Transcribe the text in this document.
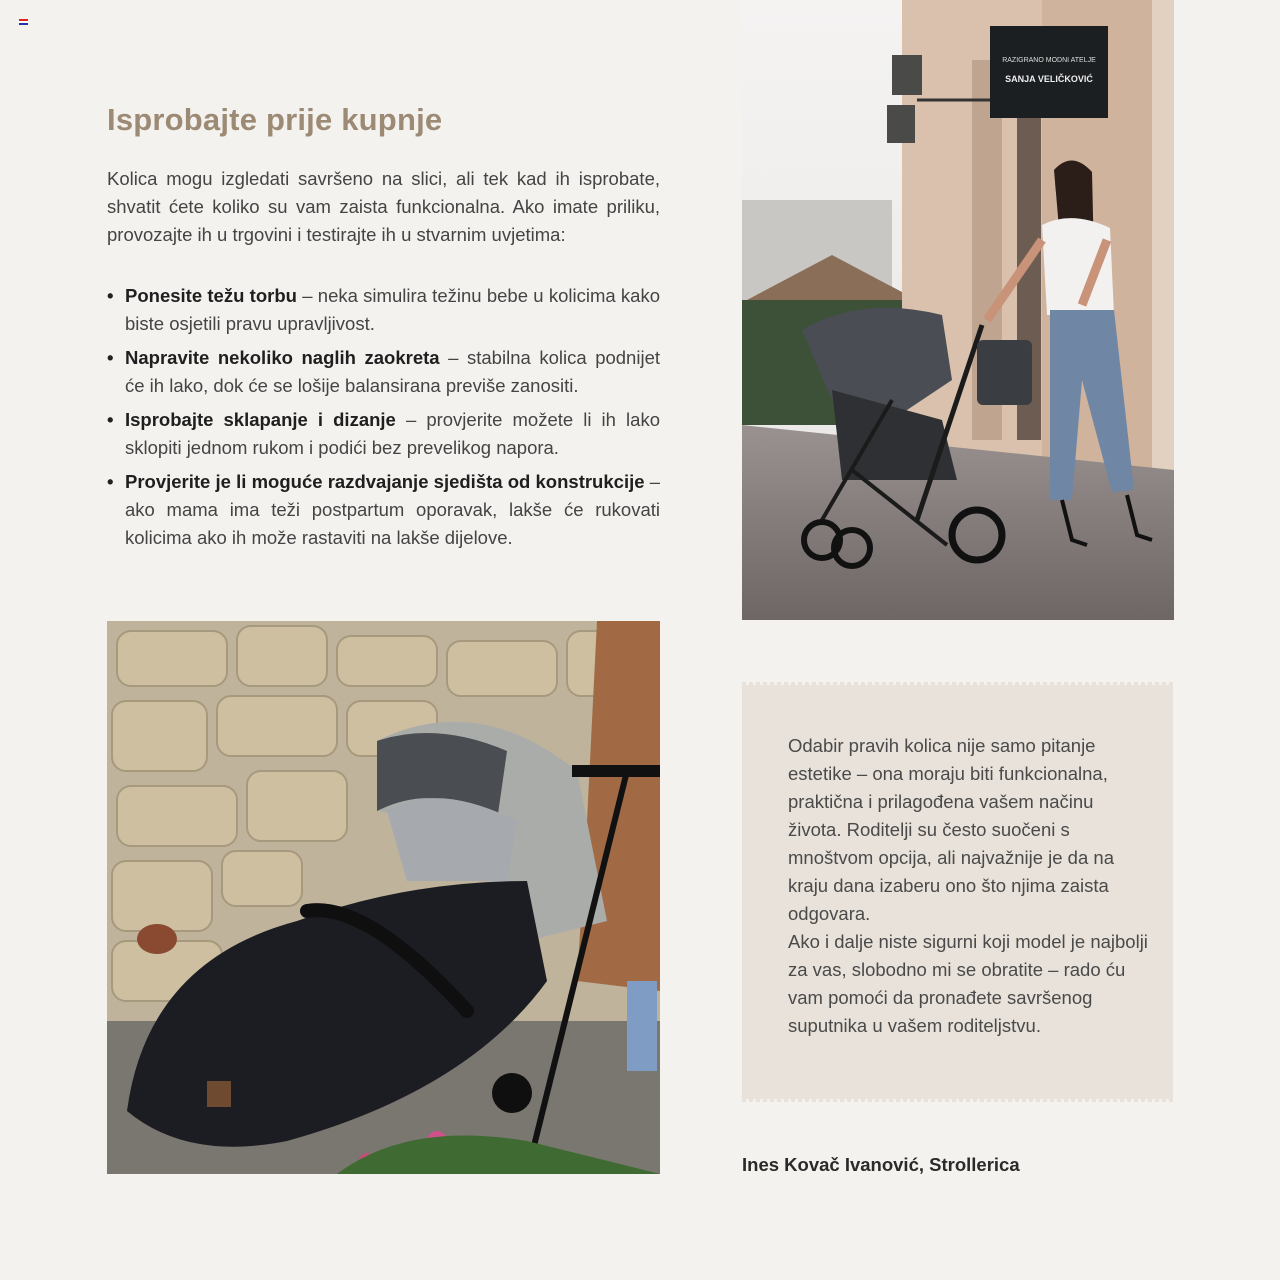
Isprobajte prije kupnje

Kolica mogu izgledati savršeno na slici, ali tek kad ih isprobate, shvatit ćete koliko su vam zaista funkcionalna. Ako imate priliku, provozajte ih u trgovini i testirajte ih u stvarnim uvjetima:

• Ponesite težu torbu – neka simulira težinu bebe u kolicima kako biste osjetili pravu upravljivost.
• Napravite nekoliko naglih zaokreta – stabilna kolica podnijet će ih lako, dok će se lošije balansirana previše zanositi.
• Isprobajte sklapanje i dizanje – provjerite možete li ih lako sklopiti jednom rukom i podići bez prevelikog napora.
• Provjerite je li moguće razdvajanje sjedišta od konstrukcije – ako mama ima teži postpartum oporavak, lakše će rukovati kolicima ako ih može rastaviti na lakše dijelove.
RAZIGRANO MODNI ATELJE
SANJA VELIČKOVIĆ
Odabir pravih kolica nije samo pitanje estetike – ona moraju biti funkcionalna, praktična i prilagođena vašem načinu života. Roditelji su često suočeni s mnoštvom opcija, ali najvažnije je da na kraju dana izaberu ono što njima zaista odgovara.
Ako i dalje niste sigurni koji model je najbolji za vas, slobodno mi se obratite – rado ću vam pomoći da pronađete savršenog suputnika u vašem roditeljstvu.
Ines Kovač Ivanović, Strollerica
